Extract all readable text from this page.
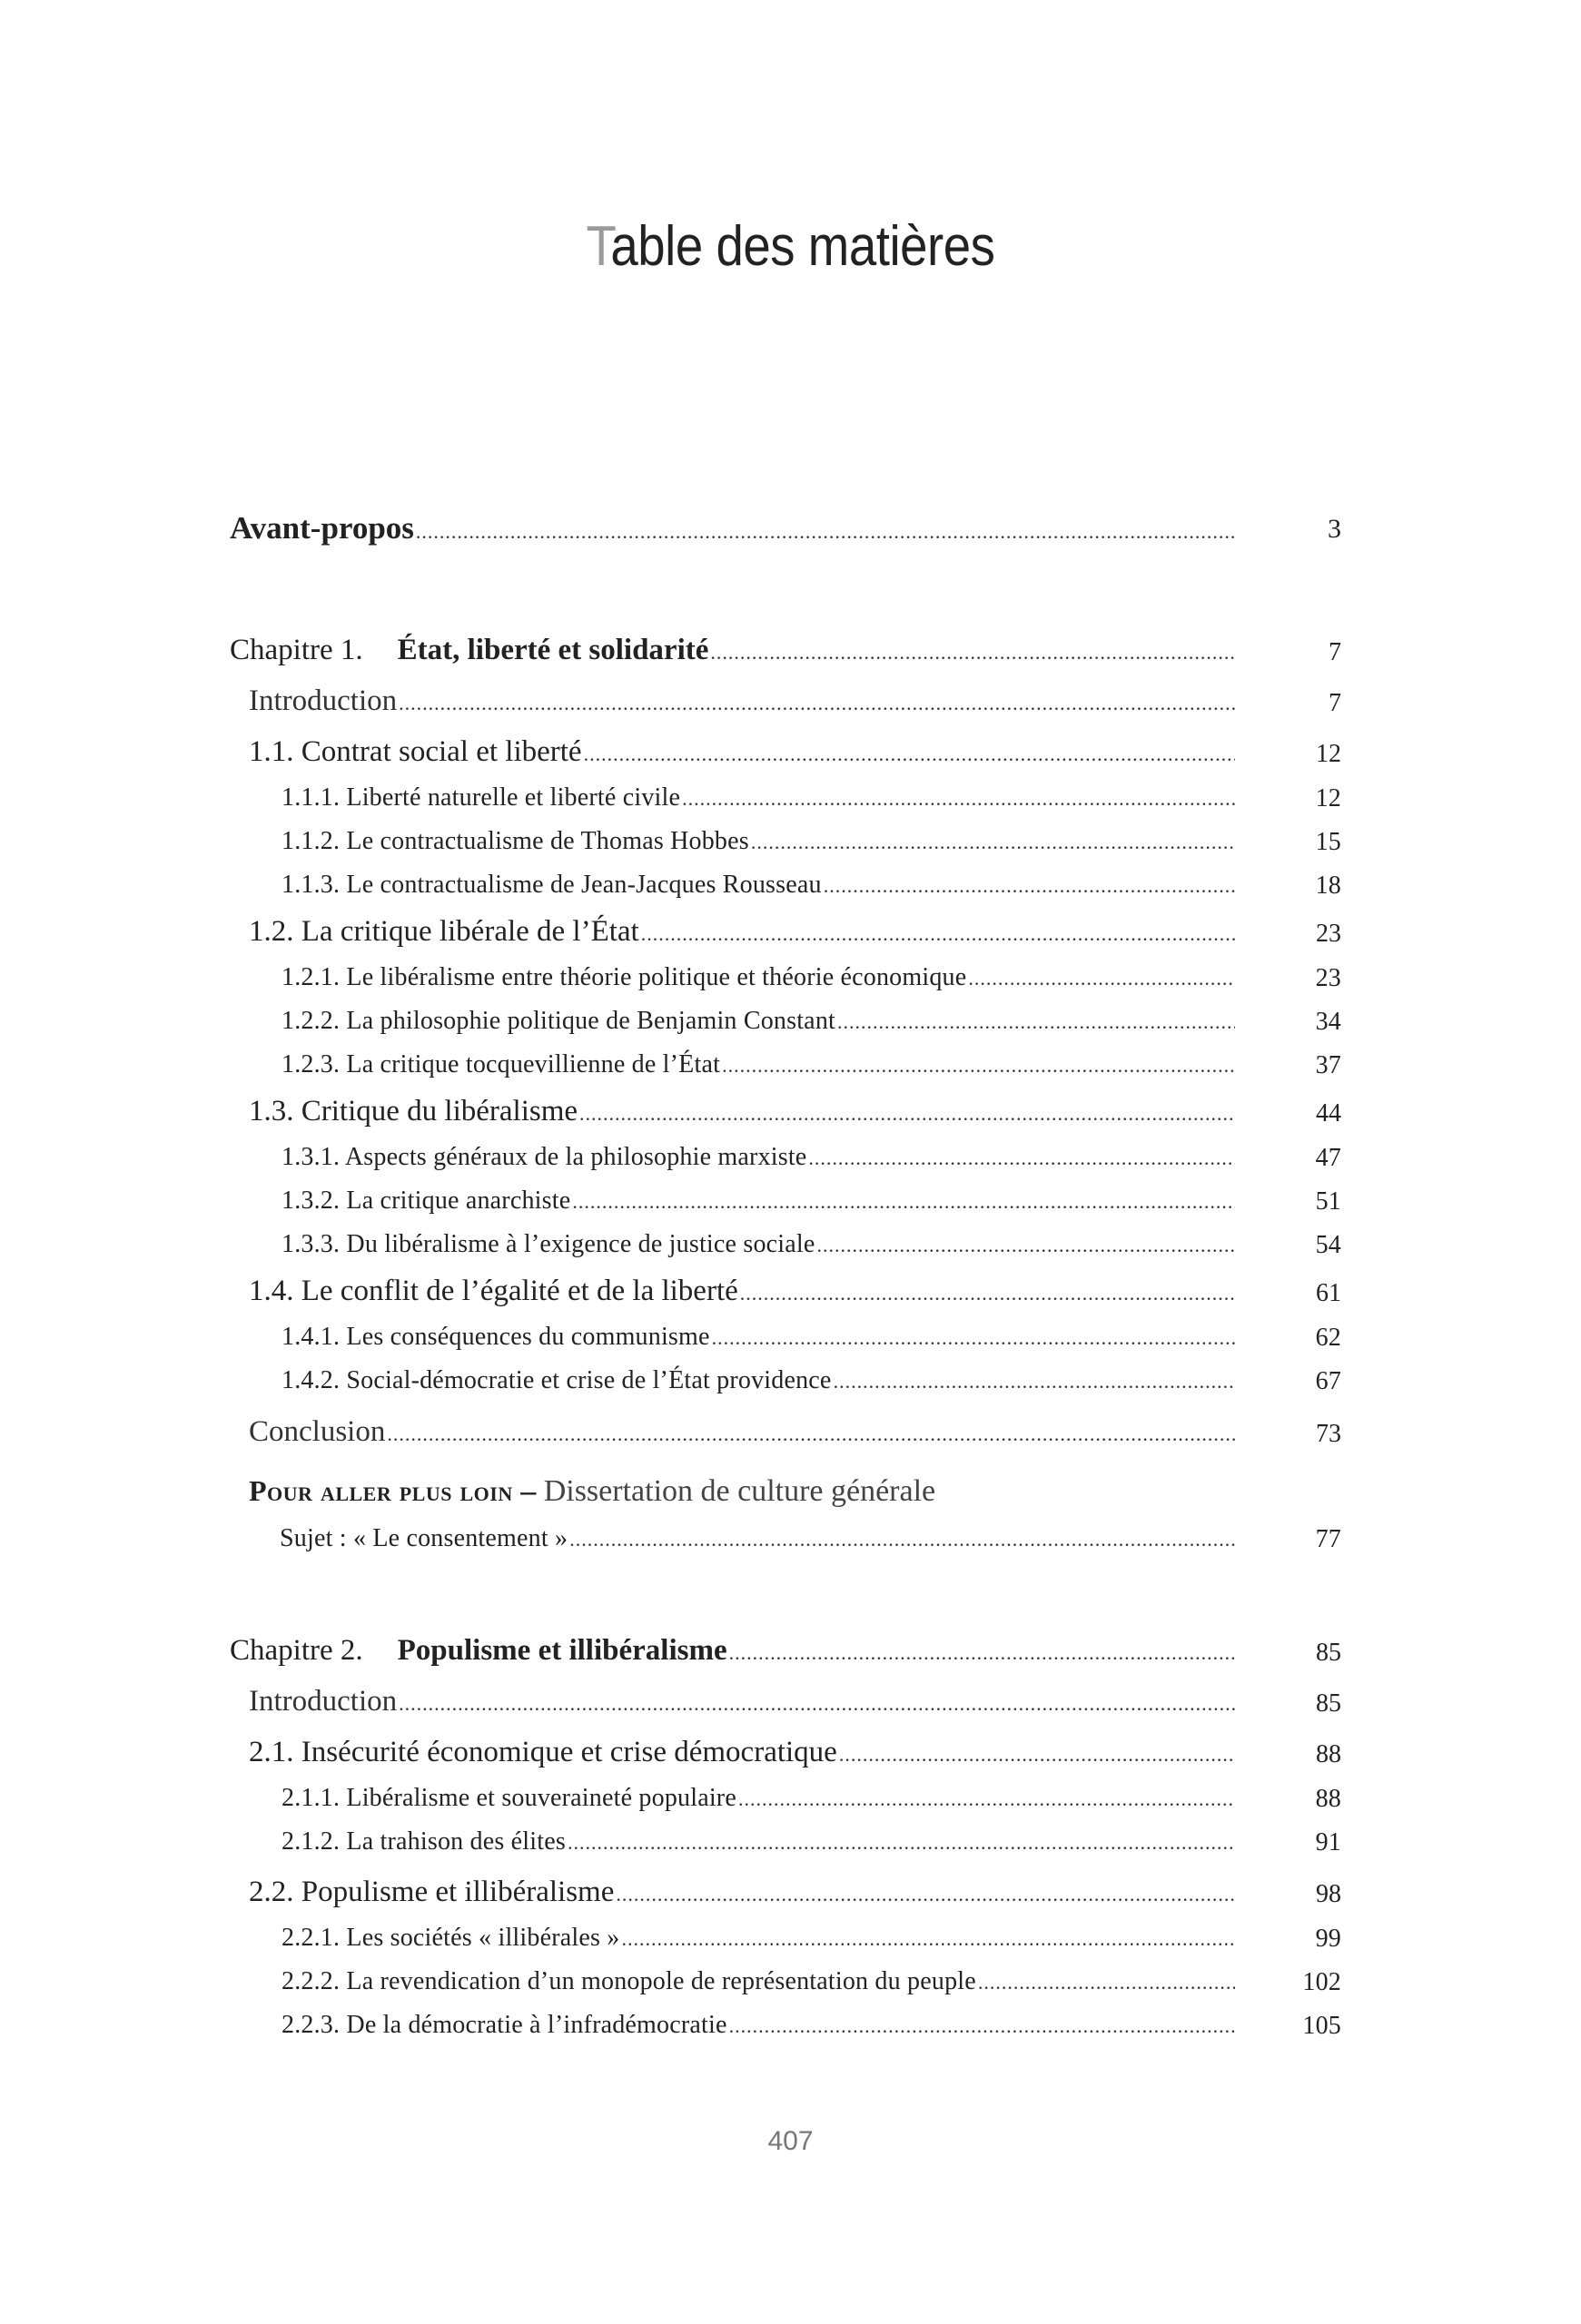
Table des matières
Avant-propos .....	3
Chapitre 1. État, liberté et solidarité .....	7
Introduction .....	7
1.1. Contrat social et liberté .....	12
1.1.1. Liberté naturelle et liberté civile .....	12
1.1.2. Le contractualisme de Thomas Hobbes .....	15
1.1.3. Le contractualisme de Jean-Jacques Rousseau .....	18
1.2. La critique libérale de l’État .....	23
1.2.1. Le libéralisme entre théorie politique et théorie économique .....	23
1.2.2. La philosophie politique de Benjamin Constant .....	34
1.2.3. La critique tocquevillienne de l’État .....	37
1.3. Critique du libéralisme .....	44
1.3.1. Aspects généraux de la philosophie marxiste .....	47
1.3.2. La critique anarchiste .....	51
1.3.3. Du libéralisme à l’exigence de justice sociale .....	54
1.4. Le conflit de l’égalité et de la liberté .....	61
1.4.1. Les conséquences du communisme .....	62
1.4.2. Social-démocratie et crise de l’État providence .....	67
Conclusion .....	73
Pour aller plus loin – Dissertation de culture générale
Sujet : « Le consentement » .....	77
Chapitre 2. Populisme et illibéralisme .....	85
Introduction .....	85
2.1. Insécurité économique et crise démocratique .....	88
2.1.1. Libéralisme et souveraineté populaire .....	88
2.1.2. La trahison des élites .....	91
2.2. Populisme et illibéralisme .....	98
2.2.1. Les sociétés « illibérales » .....	99
2.2.2. La revendication d’un monopole de représentation du peuple .....	102
2.2.3. De la démocratie à l’infradémocratie .....	105
407
